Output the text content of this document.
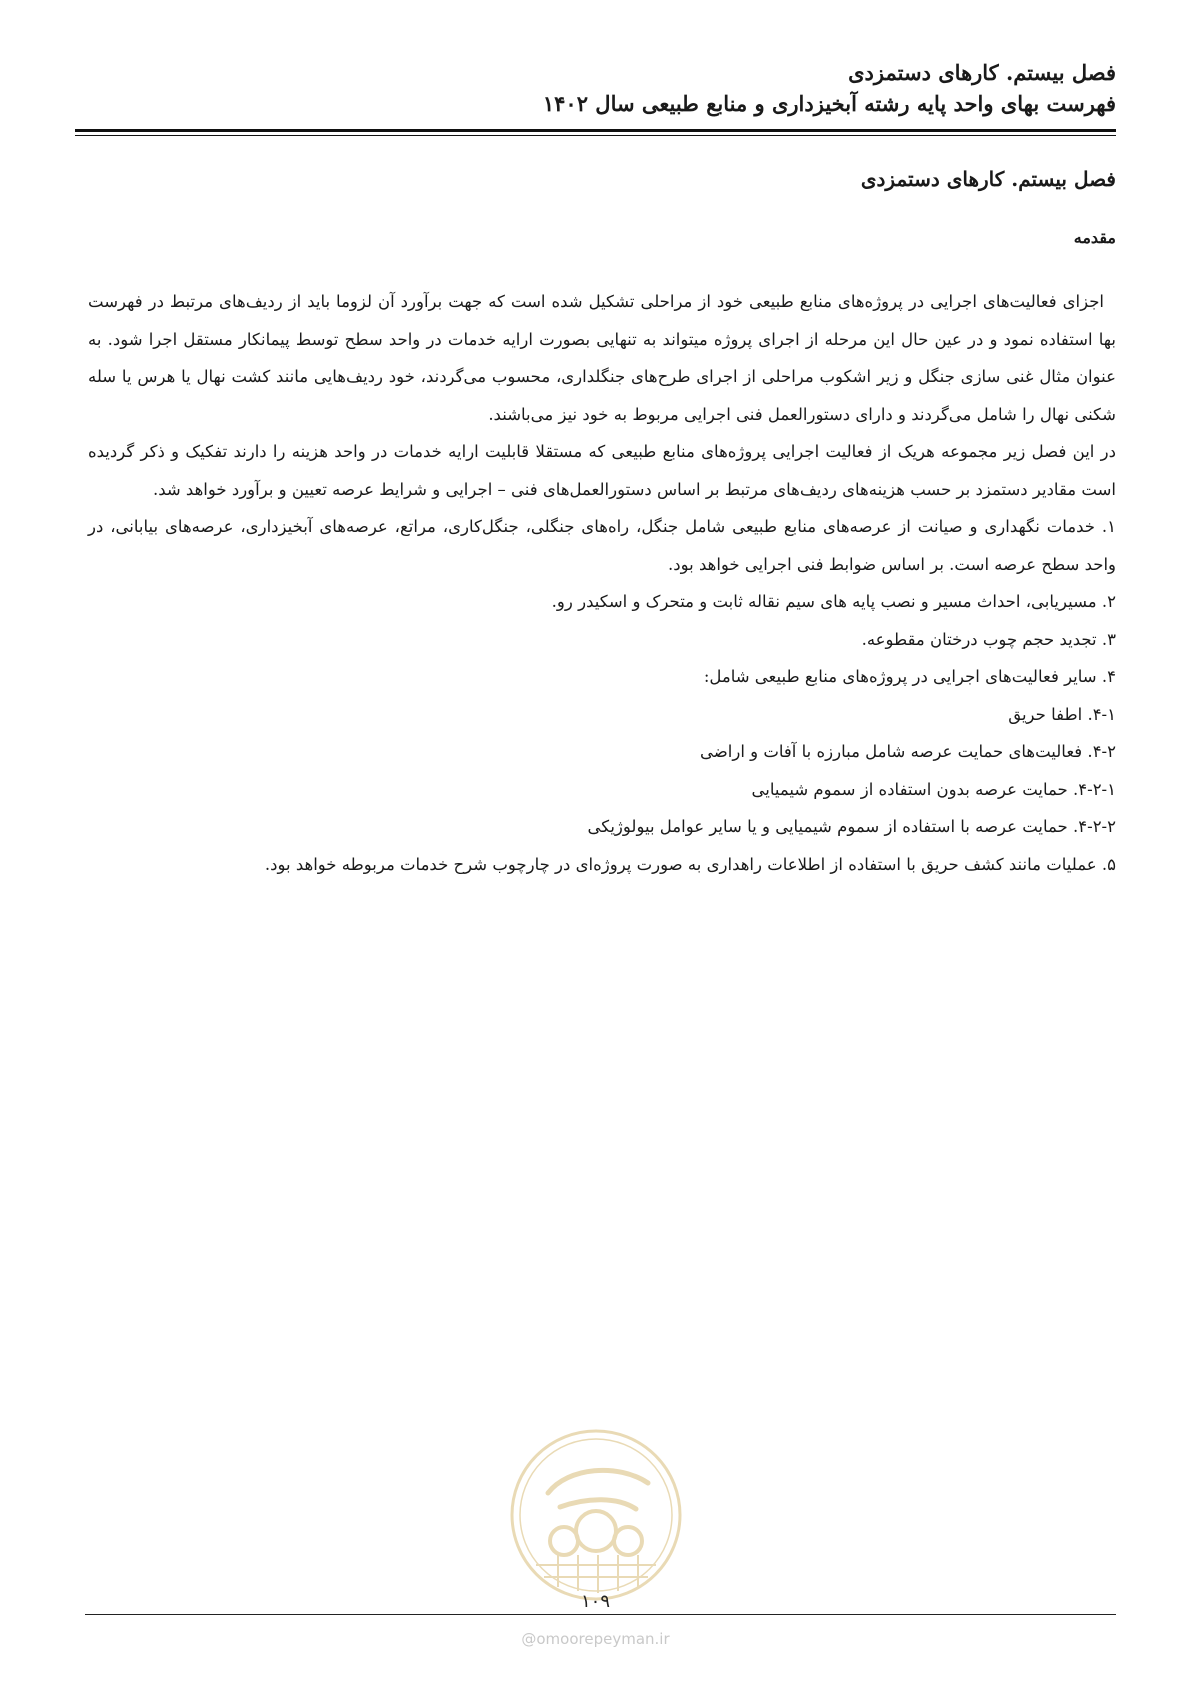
فصل بیستم. کارهای دستمزدی
فهرست بهای واحد پایه رشته آبخیزداری و منابع طبیعی سال ۱۴۰۲
فصل بیستم. کارهای دستمزدی
مقدمه

اجزای فعالیت‌های اجرایی در پروژه‌های منابع طبیعی خود از مراحلی تشکیل شده است که جهت برآورد آن لزوما باید از ردیف‌های مرتبط در فهرست بها استفاده نمود و در عین حال این مرحله از اجرای پروژه میتواند به تنهایی بصورت ارایه خدمات در واحد سطح توسط پیمانکار مستقل اجرا شود. به عنوان مثال غنی سازی جنگل و زیر اشکوب مراحلی از اجرای طرح‌های جنگلداری، محسوب می‌گردند، خود ردیف‌هایی مانند کشت نهال یا هرس یا سله شکنی نهال را شامل می‌گردند و دارای دستورالعمل فنی اجرایی مربوط به خود نیز می‌باشند.

در این فصل زیر مجموعه هریک از فعالیت اجرایی پروژه‌های منابع طبیعی که مستقلا قابلیت ارایه خدمات در واحد هزینه را دارند تفکیک و ذکر گردیده است مقادیر دستمزد بر حسب هزینه‌های ردیف‌های مرتبط بر اساس دستورالعمل‌های فنی – اجرایی و شرایط عرصه تعیین و برآورد خواهد شد.

۱. خدمات نگهداری و صیانت از عرصه‌های منابع طبیعی شامل جنگل، راه‌های جنگلی، جنگل‌کاری، مراتع، عرصه‌های آبخیزداری، عرصه‌های بیابانی، در واحد سطح عرصه است. بر اساس ضوابط فنی اجرایی خواهد بود.

۲. مسیریابی، احداث مسیر و نصب پایه های سیم نقاله ثابت و متحرک و اسکیدر رو.

۳. تجدید حجم چوب درختان مقطوعه.

۴. سایر فعالیت‌های اجرایی در پروژه‌های منابع طبیعی شامل:

۴-۱. اطفا حریق

۴-۲. فعالیت‌های حمایت عرصه شامل مبارزه با آفات و اراضی

۴-۲-۱. حمایت عرصه بدون استفاده از سموم شیمیایی

۴-۲-۲. حمایت عرصه با استفاده از سموم شیمیایی و یا سایر عوامل بیولوژیکی

۵. عملیات مانند کشف حریق با استفاده از اطلاعات راهداری به صورت پروژه‌ای در چارچوب شرح خدمات مربوطه خواهد بود.

۱۰۹
@omoorepeyman.ir
